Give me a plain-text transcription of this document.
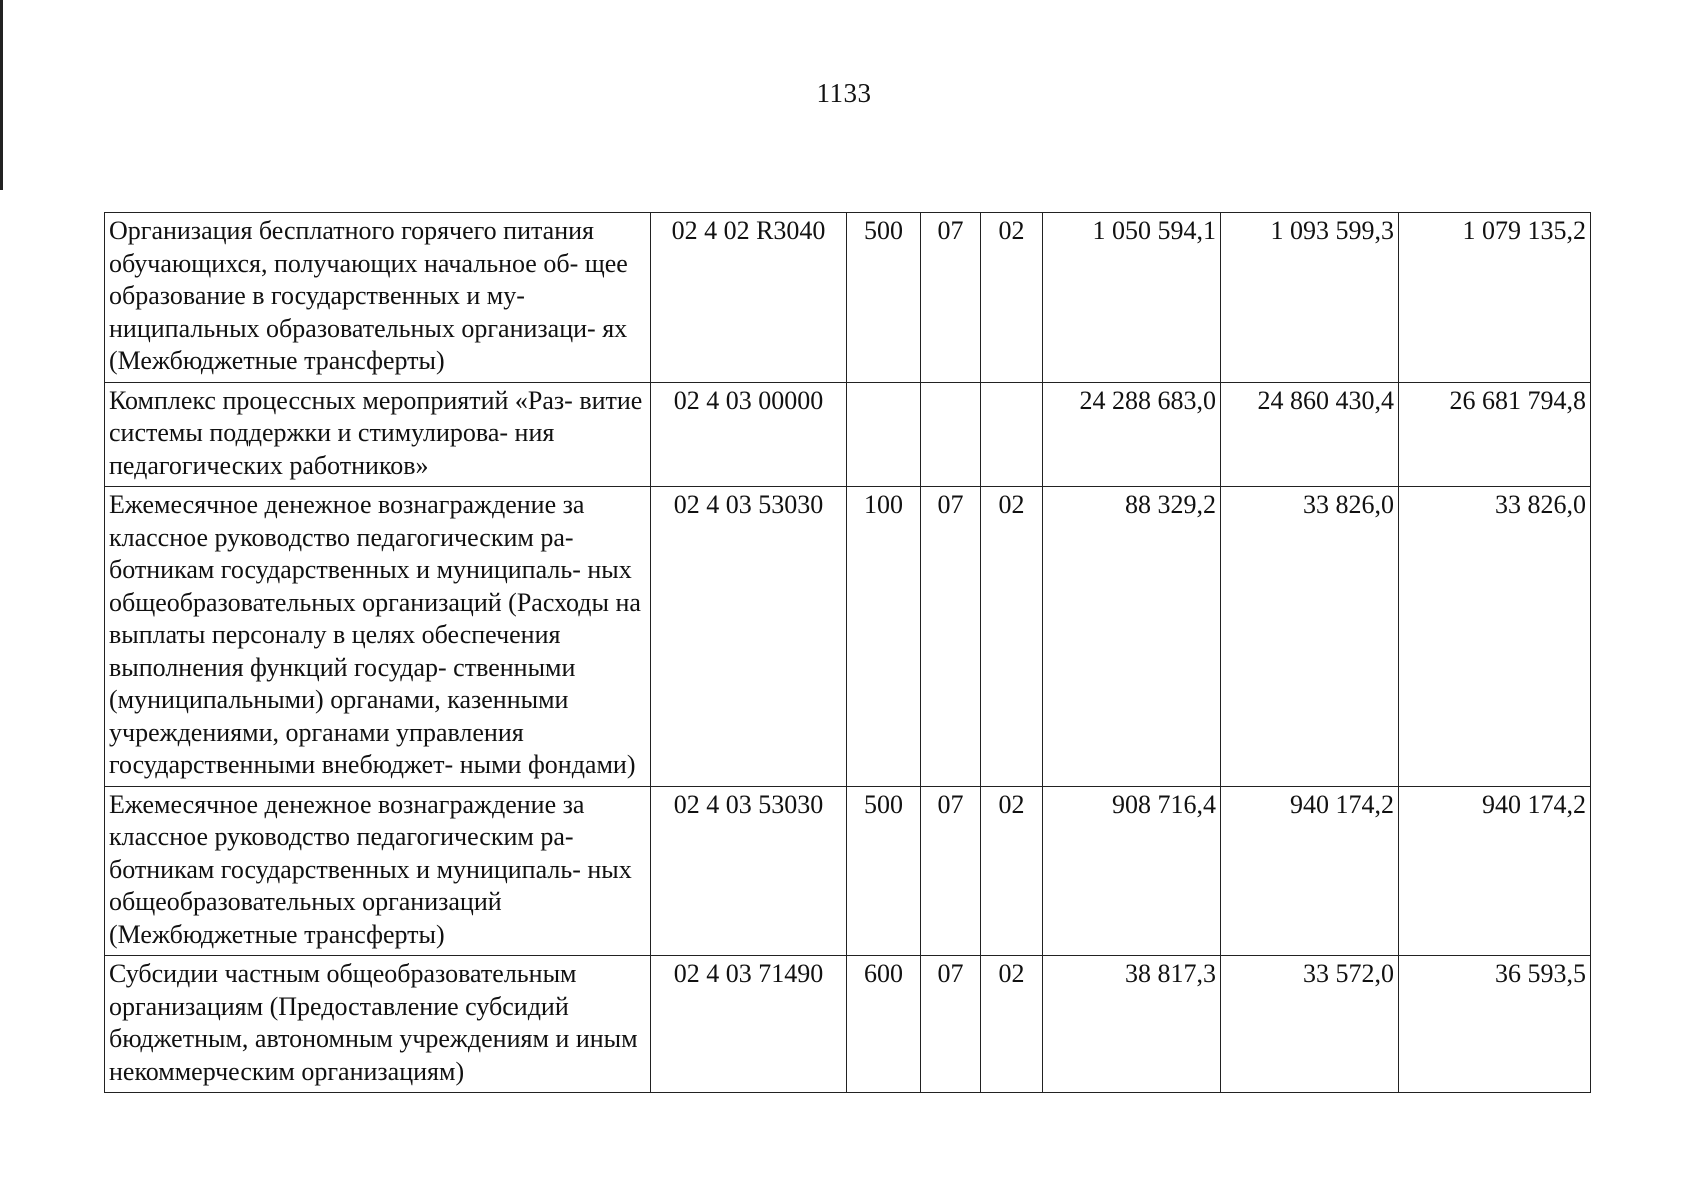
1133
Организация бесплатного горячего питания обучающихся, получающих начальное об- щее образование в государственных и му- ниципальных образовательных организаци- ях (Межбюджетные трансферты)	02 4 02 R3040	500	07	02	1 050 594,1	1 093 599,3	1 079 135,2
Комплекс процессных мероприятий «Раз- витие системы поддержки и стимулирова- ния педагогических работников»	02 4 03 00000				24 288 683,0	24 860 430,4	26 681 794,8
Ежемесячное денежное вознаграждение за классное руководство педагогическим ра- ботникам государственных и муниципаль- ных общеобразовательных организаций (Расходы на выплаты персоналу в целях обеспечения выполнения функций государ- ственными (муниципальными) органами, казенными учреждениями, органами управления государственными внебюджет- ными фондами)	02 4 03 53030	100	07	02	88 329,2	33 826,0	33 826,0
Ежемесячное денежное вознаграждение за классное руководство педагогическим ра- ботникам государственных и муниципаль- ных общеобразовательных организаций (Межбюджетные трансферты)	02 4 03 53030	500	07	02	908 716,4	940 174,2	940 174,2
Субсидии частным общеобразовательным организациям (Предоставление субсидий бюджетным, автономным учреждениям и иным некоммерческим организациям)	02 4 03 71490	600	07	02	38 817,3	33 572,0	36 593,5
